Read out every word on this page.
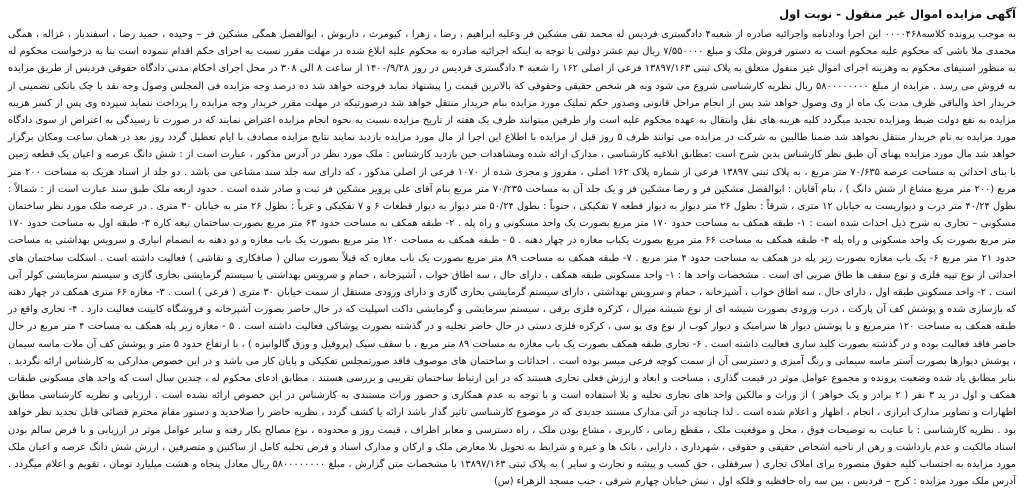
آگهی مزایده اموال غیر منقول - نوبت اول

به موجب پرونده کلاسه۰۰۰۰۴۶۸ این اجرا ودادنامه واجرائیه صادره از شعبه۴ دادگستری فردیس له محمد تقی مشکین فر وعلیه ابراهیم ، رضا ، زهرا ، کیومرث ، داریوش ، ابوالفضل همگی مشکین فر – وحیده ، حمید رضا ، اسفندیار ، غزاله ، همگی محمدی ملا باشی که محکوم علیه محکوم است به دستور فروش ملک و مبلغ ۷/۵۵۰۰۰۰ ریال نیم عشر دولتی با توجه به اینکه اجرائیه صادره به محکوم علیه ابلاغ شده در مهلت مقرر نسبت به اجرای حکم اقدام ننموده است بنا به درخواست محکوم له به منظور استیفای محکوم به وهزینه اجرای اموال غیر منقول متعلق به پلاک ثبتی ۱۳۸۹۷/۱۶۳ فرعی از اصلی ۱۶۲ را شعبه ۴ دادگستری فردیس در روز ۱۴۰۰/۹/۲۸ از ساعت ۸ الی ۳۰۸ در محل اجرای احکام مدنی دادگاه حقوقی فردیس از طریق مزایده به فروش می رسد . مزایده از مبلغ ۵۸۰۰۰۰۰۰۰۰ ریال نظریه کارشناسی شروع می شود وبه هر شخص حقیقی وحقوقی که بالاترین قیمت را پیشنهاد نماید فروخته خواهد شد ده درصد وجه مزایده فی المجلس وصول وجه نقد یا چک بانکی تضمینی از خریدار اخذ والباقی ظرف مدت یک ماه از وی وصول خواهد شد پس از انجام مراحل قانونی وصدور حکم تملیک مورد مزایده بنام خریدار منتقل خواهد شد درصورتیکه در مهلت مقرر خریدار وجه مزایده را پرداخت ننماید سپرده وی پس از کسر هزینه مزایده به نفع دولت ضبط ومزایده تجدید میگردد کلیه هزینه های نقل وانتقال به عهده محکوم علیه است وار طرفین میتوانند ظرف یک هفته از تاریخ مزایده نسبت به نحوه انجام مزایده اعتراض نمایند که در صورت تا رسیدگی به اعتراض از سوی دادگاه مورد مزایده به نام خریدار منتقل نخواهد شد ضمنا طالبین به شرکت در مزایده می توانند ظرف ۵ روز قبل از مزایده با اطلاع این اجرا از مال مورد مزایده بازدید نمایند نتایج مزایده مصادف با ایام تعطیل گردد روز بعد در همان ساعت ومکان برگزار خواهد شد مال مورد مزایده پهنای آن طبق نظر کارشناس بدین شرح است :مطابق ابلاغیه کارشناسی ، مدارک ارائه شده ومشاهدات حین بازدید کارشناس : ملک مورد نظر در آدرس مذکور ، عبارت است از : شش دانگ عرصه و اعیان یک قطعه زمین با بنای احداثی به مساحت عرصه ۷۰/۶۳۵ متر مربع ، به پلاک ثبتی ۱۳۸۹۷ فرعی از شماره پلاک ۱۶۲ اصلی ، مفروز و مجزی شده از ۱۰۷۰ فرعی از اصلی مذکور ، که دارای سه جلد سند مشاعی می باشد . دو جلد از اسناد هریک به مساحت ۲۰۰ متر مربع (۲۰۰ متر مربع مشاع از شش دانگ ) ، بنام آقایان : ابوالفضل مشکین فر و رضا مشکین فر و یک جلد آن به مساحت ۷۰/۲۳۵ متر مربع بنام آقای علی پرویز مشکین فر ثبت و صادر شده است . حدود اربعه ملک طبق سند عبارت است از : شمالاً : بطول ۴۰/۲۴ متر درب و دیواریست به خیابان ۱۲ متری ، شرقاً : بطول ۲۶ متر دیوار به دیوار قطعه ۷ تفکیکی ، جنوباً : بطول ۵۰/۲۴ متر دیوار به دیوار قطعات ۶ و ۷ تفکیکی و غرباً : بطول ۲۶ متر به خیابان ۳۰ متری . در عرصه ملک مورد نظر ساختمان مسکونی – تجاری به شرح ذیل احداث شده است : ۱- طبقه همکف به مساحت حدود ۱۷۰ متر مربع بصورت یک واحد مسکونی و راه پله . ۲- طبقه همکف به مساحت حدود ۶۳ متر مربع بصورت ساختمان تیغه کاره ۳- طبقه اول به مساحت حدود ۱۷۰ متر مربع بصورت یک واحد مسکونی و راه پله ۴- طبقه همکف به مساحت ۶۶ متر مربع بصورت یکباب مغازه در چهار دهنه . ۵ - طبقه همکف به مساحت ۱۲۰ متر مربع بصورت یک باب مغازه و دو دهنه به انضمام انباری و سرویس بهداشتی به مساحت حدود ۲۱ متر مربع ۶- یک باب مغازه بصورت زیر پله در همکف به مساحت حدود ۴ متر مربع . ۷- طبقه همکف به مساحت ۸۹ متر مربع بصورت یک باب مغازه که قبلاً بصورت سالن ( صافکاری و نقاشی ) فعالیت داشته است . اسکلت ساختمان های احداثی از نوع تیپه فلزی و نوع سقف ها طاق ضربی ای است . مشخصات واحد ها : ۱- واحد مسکونی طبقه همکف ، دارای حال ، سه اطاق خواب ، آشپزخانه ، حمام و سرویس بهداشتی یا سیستم گرمایشی بخاری گازی و سیستم سرمایشی کولر آبی است . ۲- واحد مسکونی طبقه اول ، دارای حال ، سه اطاق خواب ، آشپزخانه ، حمام و سرویس بهداشتی ، دارای سیستم گرمایشی بخاری گازی و دارای ورودی مستقل از سمت خیابان ۳۰ متری ( فرعی ) است . ۳- مغازه ۶۶ متری همکف در چهار دهنه که بازسازی شده و پوشش کف آن پارکت ، درب ورودی بصورت شیشه ای از نوع شیشه میرال ، کرکره فلزی برقی ، سیستم سرمایشی و گرمایشی داکت اسپلیت که در حال حاضر بصورت آشپزخانه و فروشگاه کابینت فعالیت دارد . ۴- تجاری واقع در طبقه همکف به مساحت ۱۲۰ مترمربع و با پوشش دیوار ها سرامیک و دیوار کوب از نوع وی یو سی ، کرکره فلزی دستی در حال حاضر تخلیه و در گذشته بصورت پوشاکی فعالیت داشته است . ۵ - مغازه زیر پله همکف به مساحت ۴ متر مربع در حال حاضر فاقد فعالیت بوده و در گذشته بصورت کلید سازی فعالیت داشته است . ۶- تجاری طبقه همکف بصورت یک باب مغازه به مساحت ۸۹ متر مربع ، با سقف سبک (پروفیل و ورق گالوانیزه ) ، با ارتفاع حدود ۵ متر و پوشش کف آن ملات ماسه سیمان ، پوشش دیوارها بصورت آستر ماسه سیمانی و رنگ آمیزی و دسترسی آن از سمت کوچه فرعی میسر بوده است . احداثات و ساختمان های موصوف فاقد صورتمجلس تفکیکی و پایان کار می باشد و در این خصوص مدارکی به کارشناس ارائه نگردید . بنابر مطابق یاد شده وضعیت پرونده و مجموع عوامل موثر در قیمت گذاری ، مساحت و ابعاد و ارزش فعلی تجاری هستند که در این ارتباط ساختمان تقریبی و بررسی هستند . مطابق ادعای محکوم له ، چندین سال است که واحد های مسکونی طبقات همکف و اول در ید ۳ نفر ( ۲ برادر و یک خواهر ) از وراث و مالکین واحد های تجاری تخلیه و بلا استفاده است و با توجه به عدم همکاری و حضور وراث مستندی به کارشناس در این خصوص ارائه نشده است . ارزیابی و نظریه کارشناسی مطابق اظهارات و تصاویر مدارک ابرازی ، انجام ، اظهار و اعلام شده است . لذا چنانچه در آتی مدارک مستند جدیدی که در موضوع کارشناسی تاثیر گذار باشد ارائه یا کشف گردد ، نظریه حاضر را صلاحدید و دستور مقام محترم قضائی قابل تجدید نظر خواهد بود . نظریه کارشناسی : با عنایت به توضیحات فوق ، محل و موقعیت ملک ، مقطع زمانی ، کاربری ، مشاع بودن ملک ، راه دسترسی و معابر اطراف ، قیمت روز و محدوده ، نوع مصالح بکار رفته و سایر عوامل موثر در ارزیابی و با فرض سالم بودن اسناد مالکیت و عدم بازداشت و رهن از ناحیه اشخاص حقیقی و حقوقی ، شهرداری ، دارایی ، بانک ها و غیره و شرایط به تحویل بلا معارض ملک و ارکان و مدارک اسناد و فرض تخلیه کامل از ساکنین و متصرفین ، ارزش شش دانگ عرصه و اعیان ملک مورد مزایده به احتساب کلیه حقوق متصوره برای املاک تجاری ( سرقفلی ، حق کسب و پیشه و تجارت و سایر ) به پلاک ثبتی ۱۳۸۹۷/۱۶۳ با مشخصات متن گزارش ، مبلغ ۵۸۰۰۰۰۰۰۰۰ ریال معادل پنجاه و هشت میلیارد تومان ، تقویم و اعلام میگردد . آدرس ملک مورد مزایده : کرج – فردیس ، بین سه راه حافظیه و فلکه اول ، نبش خیابان چهارم شرقی ، جنب مسجد الزهراء (س)
